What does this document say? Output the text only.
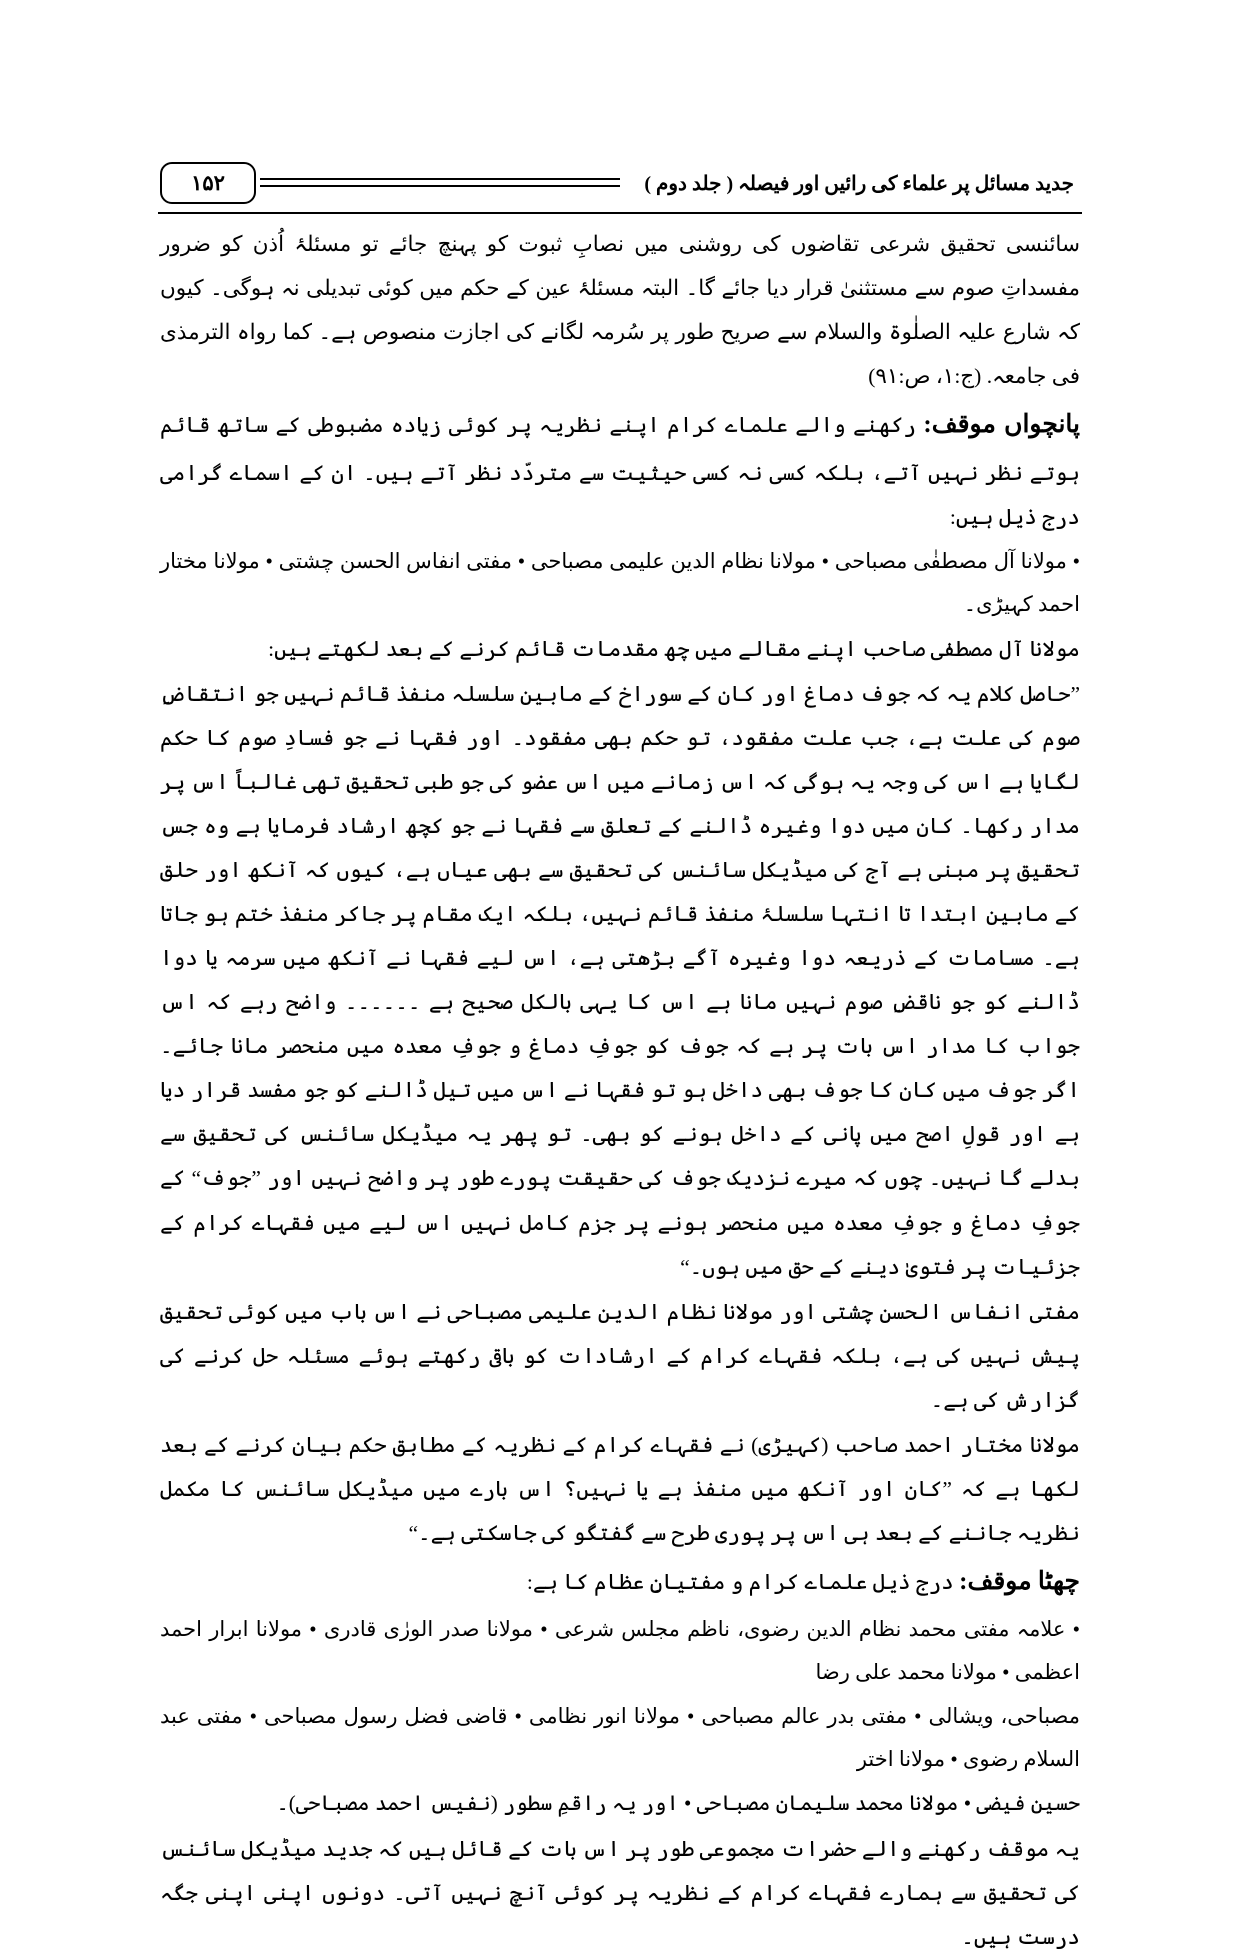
جدید مسائل پر علماء کی رائیں اور فیصلہ ( جلد دوم )
۱۵۲

سائنسی تحقیق شرعی تقاضوں کی روشنی میں نصابِ ثبوت کو پہنچ جائے تو مسئلۂ اُذن کو ضرور مفسداتِ صوم سے مستثنیٰ قرار دیا جائے گا۔ البتہ مسئلۂ عین کے حکم میں کوئی تبدیلی نہ ہوگی۔ کیوں کہ شارع علیہ الصلٰوۃ والسلام سے صریح طور پر سُرمہ لگانے کی اجازت منصوص ہے۔ کما رواہ الترمذی فی جامعہ. (ج:۱، ص:۹۱)

پانچواں موقف: رکھنے والے علماے کرام اپنے نظریہ پر کوئی زیادہ مضبوطی کے ساتھ قائم ہوتے نظر نہیں آتے، بلکہ کسی نہ کسی حیثیت سے متردّد نظر آتے ہیں۔ ان کے اسماے گرامی درج ذیل ہیں:

• مولانا آل مصطفٰی مصباحی • مولانا نظام الدین علیمی مصباحی • مفتی انفاس الحسن چشتی • مولانا مختار احمد کہیڑی۔

مولانا آل مصطفٰی صاحب اپنے مقالے میں چھ مقدمات قائم کرنے کے بعد لکھتے ہیں:

”حاصل کلام یہ کہ جوف دماغ اور کان کے سوراخ کے مابین سلسلہ منفذ قائم نہیں جو انتقاضِ صوم کی علت ہے، جب علت مفقود، تو حکم بھی مفقود۔ اور فقہا نے جو فسادِ صوم کا حکم لگایا ہے اس کی وجہ یہ ہوگی کہ اس زمانے میں اس عضو کی جو طبی تحقیق تھی غالباً اس پر مدار رکھا۔ کان میں دوا وغیرہ ڈالنے کے تعلق سے فقہا نے جو کچھ ارشاد فرمایا ہے وہ جس تحقیق پر مبنی ہے آج کی میڈیکل سائنس کی تحقیق سے بھی عیاں ہے، کیوں کہ آنکھ اور حلق کے مابین ابتدا تا انتہا سلسلۂ منفذ قائم نہیں، بلکہ ایک مقام پر جاکر منفذ ختم ہو جاتا ہے۔ مسامات کے ذریعہ دوا وغیرہ آگے بڑھتی ہے، اس لیے فقہا نے آنکھ میں سرمہ یا دوا ڈالنے کو جو ناقضِ صوم نہیں مانا ہے اس کا یہی بالکل صحیح ہے ۔۔۔۔۔۔ واضح رہے کہ اس جواب کا مدار اس بات پر ہے کہ جوف کو جوفِ دماغ و جوفِ معدہ میں منحصر مانا جائے۔ اگر جوف میں کان کا جوف بھی داخل ہو تو فقہا نے اس میں تیل ڈالنے کو جو مفسد قرار دیا ہے اور قولِ اصح میں پانی کے داخل ہونے کو بھی۔ تو پھر یہ میڈیکل سائنس کی تحقیق سے بدلے گا نہیں۔ چوں کہ میرے نزدیک جوف کی حقیقت پورے طور پر واضح نہیں اور ”جوف“ کے جوفِ دماغ و جوفِ معدہ میں منحصر ہونے پر جزم کامل نہیں اس لیے میں فقہاے کرام کے جزئیات پر فتویٰ دینے کے حق میں ہوں۔“

مفتی انفاس الحسن چشتی اور مولانا نظام الدین علیمی مصباحی نے اس باب میں کوئی تحقیق پیش نہیں کی ہے، بلکہ فقہاے کرام کے ارشادات کو باقی رکھتے ہوئے مسئلہ حل کرنے کی گزارش کی ہے۔

مولانا مختار احمد صاحب (کہیڑی) نے فقہاے کرام کے نظریہ کے مطابق حکم بیان کرنے کے بعد لکھا ہے کہ ”کان اور آنکھ میں منفذ ہے یا نہیں؟ اس بارے میں میڈیکل سائنس کا مکمل نظریہ جاننے کے بعد ہی اس پر پوری طرح سے گفتگو کی جاسکتی ہے۔“

چھٹا موقف: درج ذیل علماے کرام و مفتیانِ عظام کا ہے:

• علامہ مفتی محمد نظام الدین رضوی، ناظم مجلس شرعی • مولانا صدر الورٰی قادری • مولانا ابرار احمد اعظمی • مولانا محمد علی رضا

مصباحی، ویشالی • مفتی بدر عالم مصباحی • مولانا انور نظامی • قاضی فضل رسول مصباحی • مفتی عبد السلام رضوی • مولانا اختر

حسین فیضی • مولانا محمد سلیمان مصباحی • اور یہ راقمِ سطور (نفیس احمد مصباحی)۔

یہ موقف رکھنے والے حضرات مجموعی طور پر اس بات کے قائل ہیں کہ جدید میڈیکل سائنس کی تحقیق سے ہمارے فقہاے کرام کے نظریہ پر کوئی آنچ نہیں آتی۔ دونوں اپنی اپنی جگہ درست ہیں۔
